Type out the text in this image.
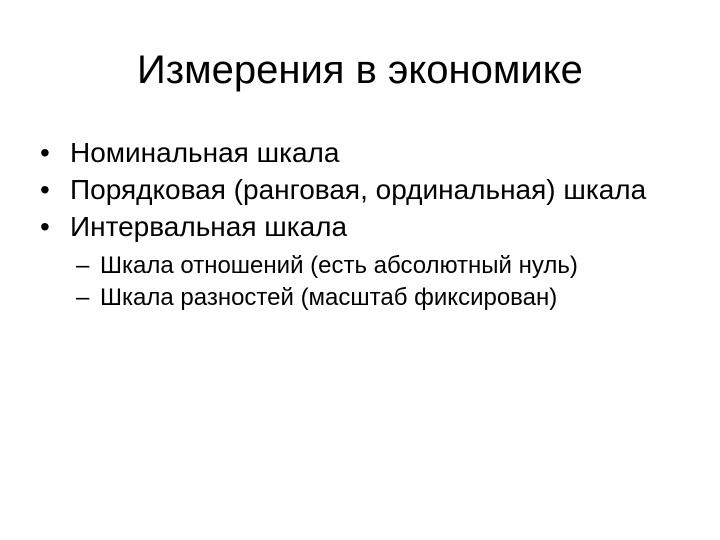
Измерения в экономике
• Номинальная шкала
• Порядковая (ранговая, ординальная) шкала
• Интервальная шкала
– Шкала отношений (есть абсолютный нуль)
– Шкала разностей (масштаб фиксирован)
